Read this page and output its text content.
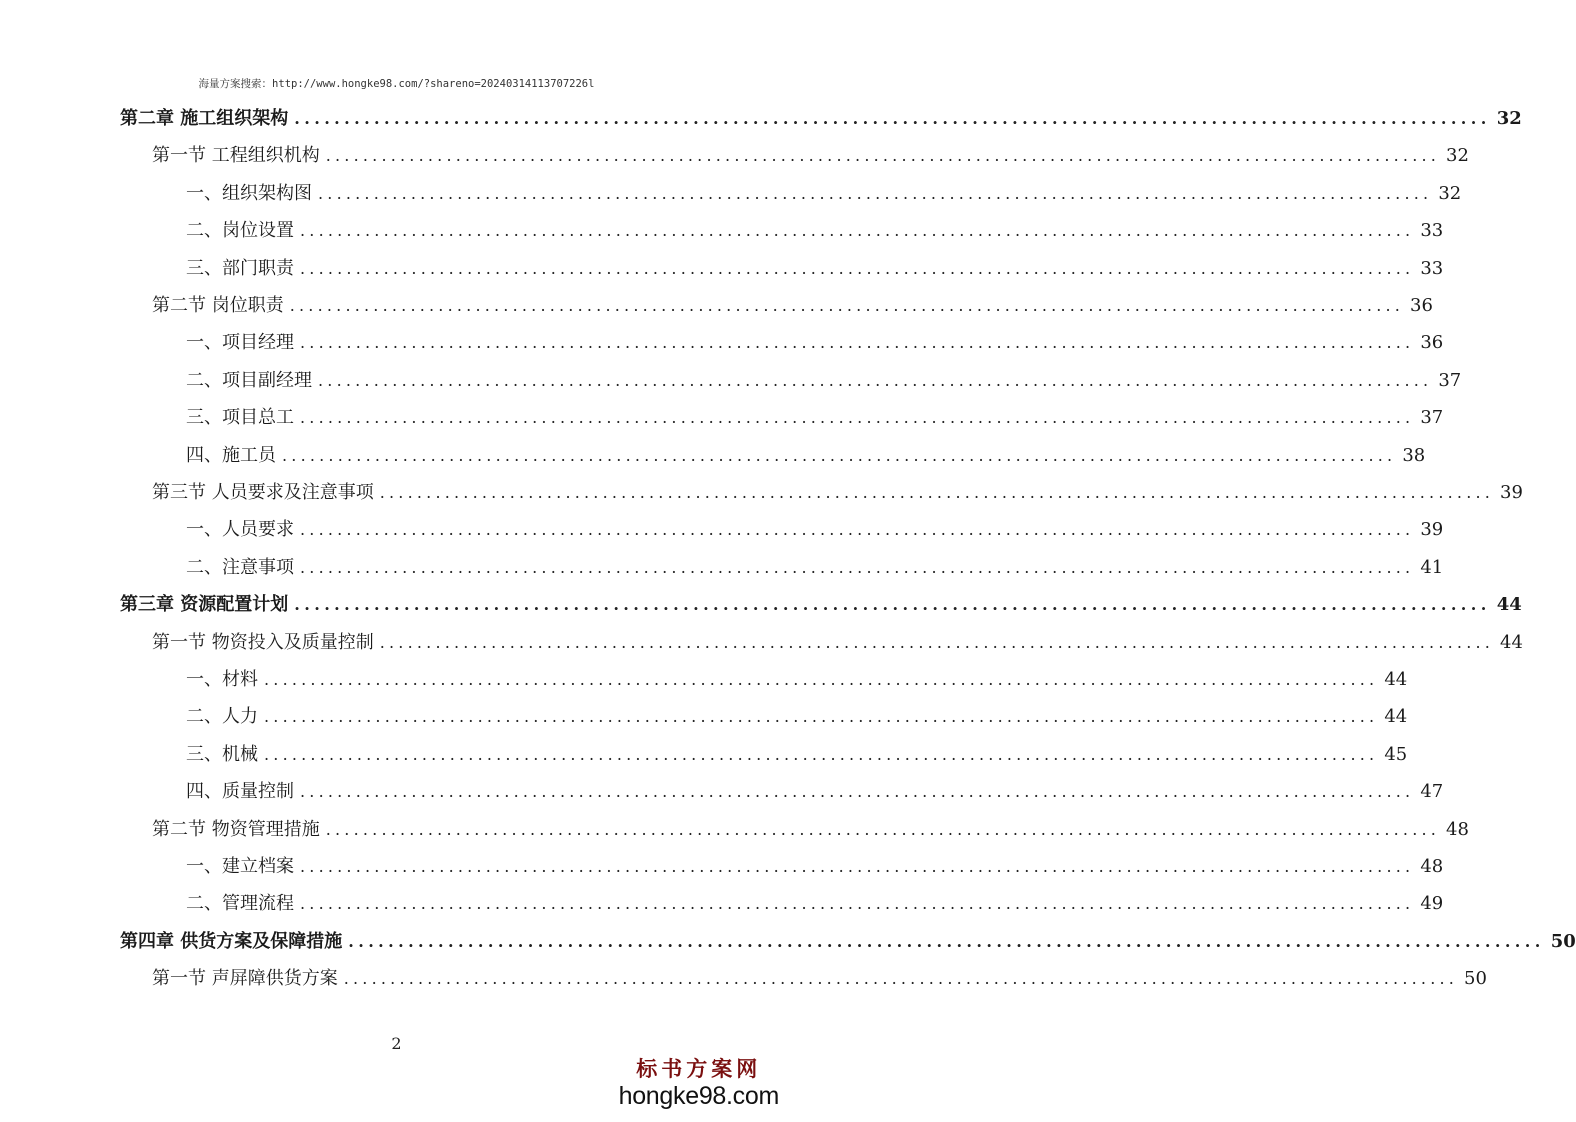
海量方案搜索：http://www.hongke98.com/?shareno=20240314113707226l
第二章 施工组织架构 ........................................................................................................................ 32
第一节 工程组织机构 ........................................................................................................................ 32
一、组织架构图 ........................................................................................................................ 32
二、岗位设置 ........................................................................................................................ 33
三、部门职责 ........................................................................................................................ 33
第二节 岗位职责 ........................................................................................................................ 36
一、项目经理 ........................................................................................................................ 36
二、项目副经理 ........................................................................................................................ 37
三、项目总工 ........................................................................................................................ 37
四、施工员 ........................................................................................................................ 38
第三节 人员要求及注意事项 ........................................................................................................................ 39
一、人员要求 ........................................................................................................................ 39
二、注意事项 ........................................................................................................................ 41
第三章 资源配置计划 ........................................................................................................................ 44
第一节 物资投入及质量控制 ........................................................................................................................ 44
一、材料 ........................................................................................................................ 44
二、人力 ........................................................................................................................ 44
三、机械 ........................................................................................................................ 45
四、质量控制 ........................................................................................................................ 47
第二节 物资管理措施 ........................................................................................................................ 48
一、建立档案 ........................................................................................................................ 48
二、管理流程 ........................................................................................................................ 49
第四章 供货方案及保障措施 ........................................................................................................................ 50
第一节 声屏障供货方案 ........................................................................................................................ 50
2
标书方案网
hongke98.com
